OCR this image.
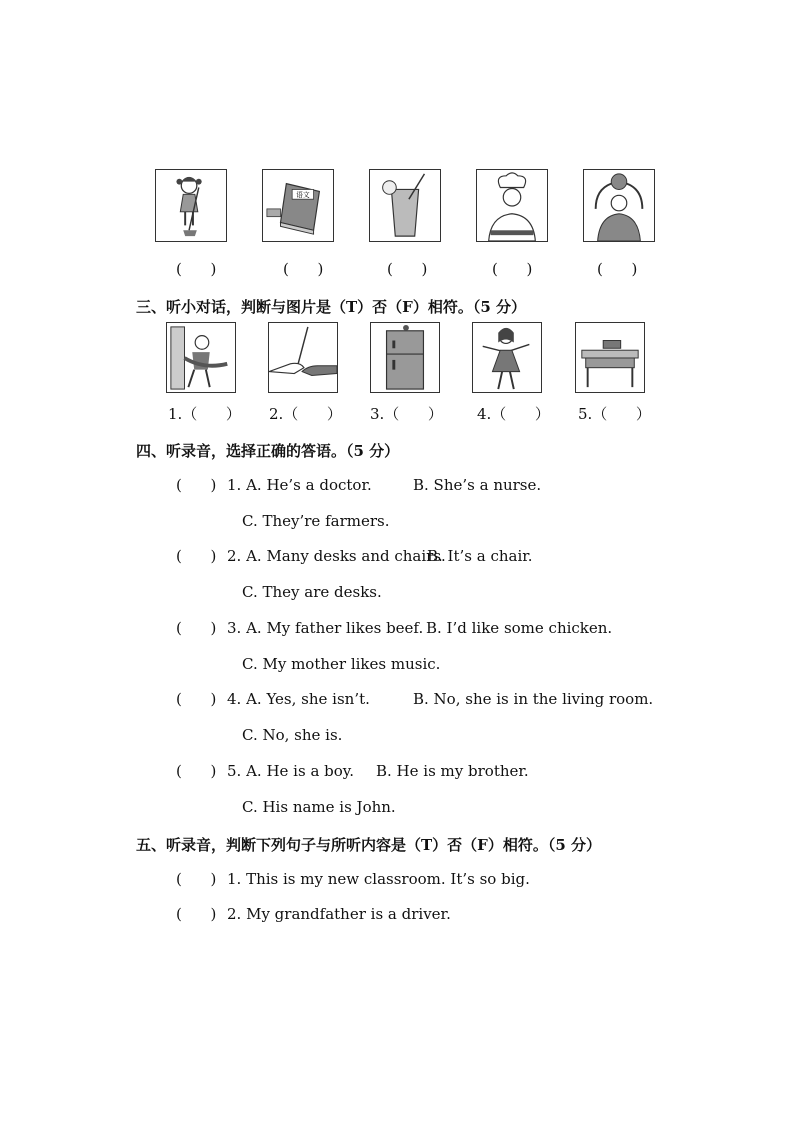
语文
(      )	(      )	(      )	(      )	(      )
三、听小对话，判断与图片是（T）否（F）相符。（5 分）
1.（      ） 2.（      ） 3.（      ） 4.（      ） 5.（      ）
四、听录音，选择正确的答语。（5 分）
(      ) 1. A. He’s a doctor.	B. She’s a nurse.
C. They’re farmers.
(      ) 2. A. Many desks and chairs.
B. It’s a chair.
C. They are desks.
(      ) 3. A. My father likes beef. B. I’d like some chicken.
C. My mother likes music.
(      ) 4. A. Yes, she isn’t.	B. No, she is in the living room.
C. No, she is.
(      ) 5. A. He is a boy. B. He is my brother.
C. His name is John.
五、听录音，判断下列句子与所听内容是（T）否（F）相符。（5 分）
(      ) 1. This is my new classroom. It’s so big.
(      ) 2. My grandfather is a driver.
